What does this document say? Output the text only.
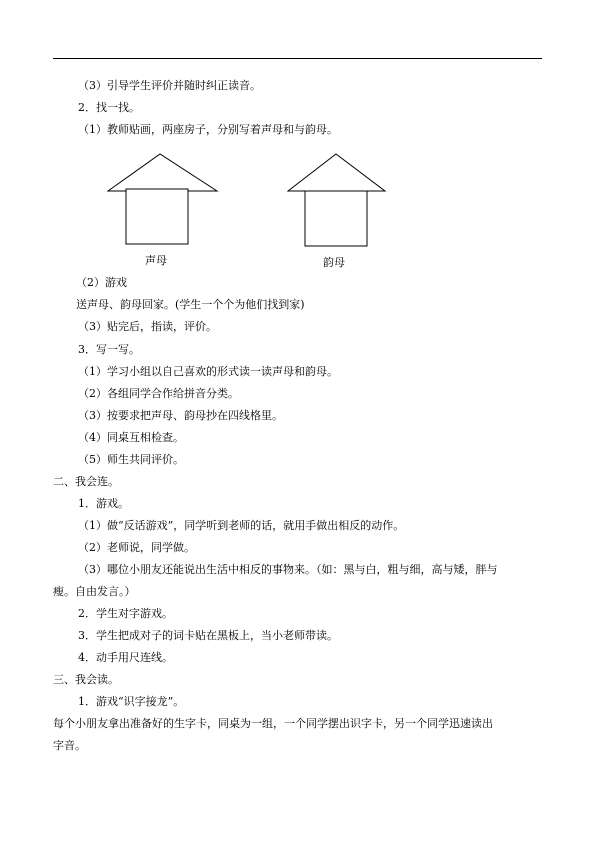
（3）引导学生评价并随时纠正读音。
2．找一找。
（1）教师贴画，两座房子，分别写着声母和与韵母。
声母	韵母
（2）游戏
送声母、韵母回家。(学生一个个为他们找到家)
（3）贴完后，指读，评价。
3．写一写。
（1）学习小组以自己喜欢的形式读一读声母和韵母。
（2）各组同学合作给拼音分类。
（3）按要求把声母、韵母抄在四线格里。
（4）同桌互相检查。
（5）师生共同评价。
二、我会连。
1．游戏。
（1）做“反话游戏”，同学听到老师的话，就用手做出相反的动作。
（2）老师说，同学做。
（3）哪位小朋友还能说出生活中相反的事物来。（如：黑与白，粗与细，高与矮，胖与
瘦。自由发言。）
2．学生对字游戏。
3．学生把成对子的词卡贴在黑板上，当小老师带读。
4．动手用尺连线。
三、我会读。
1．游戏“识字接龙”。
每个小朋友拿出准备好的生字卡，同桌为一组，一个同学摆出识字卡，另一个同学迅速读出
字音。
